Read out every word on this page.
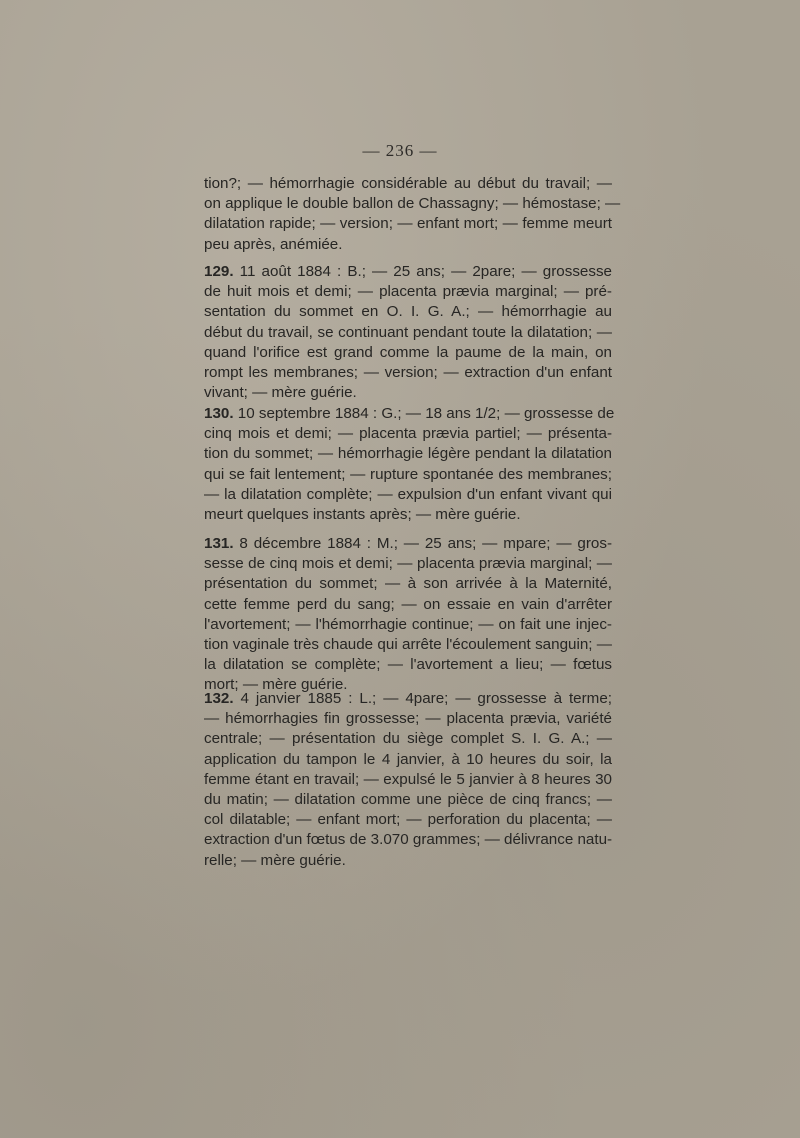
— 236 —
tion?; — hémorrhagie considérable au début du travail; —
on applique le double ballon de Chassagny; — hémostase; —
dilatation rapide; — version; — enfant mort; — femme meurt
peu après, anémiée.
129. 11 août 1884 : B.; — 25 ans; — 2pare; — grossesse
de huit mois et demi; — placenta prævia marginal; — pré-
sentation du sommet en O. I. G. A.; — hémorrhagie au
début du travail, se continuant pendant toute la dilatation; —
quand l'orifice est grand comme la paume de la main, on
rompt les membranes; — version; — extraction d'un enfant
vivant; — mère guérie.
130. 10 septembre 1884 : G.; — 18 ans 1/2; — grossesse de
cinq mois et demi; — placenta prævia partiel; — présenta-
tion du sommet; — hémorrhagie légère pendant la dilatation
qui se fait lentement; — rupture spontanée des membranes;
— la dilatation complète; — expulsion d'un enfant vivant qui
meurt quelques instants après; — mère guérie.
131. 8 décembre 1884 : M.; — 25 ans; — mpare; — gros-
sesse de cinq mois et demi; — placenta prævia marginal; —
présentation du sommet; — à son arrivée à la Maternité,
cette femme perd du sang; — on essaie en vain d'arrêter
l'avortement; — l'hémorrhagie continue; — on fait une injec-
tion vaginale très chaude qui arrête l'écoulement sanguin; —
la dilatation se complète; — l'avortement a lieu; — fœtus
mort; — mère guérie.
132. 4 janvier 1885 : L.; — 4pare; — grossesse à terme;
— hémorrhagies fin grossesse; — placenta prævia, variété
centrale; — présentation du siège complet S. I. G. A.; —
application du tampon le 4 janvier, à 10 heures du soir, la
femme étant en travail; — expulsé le 5 janvier à 8 heures 30
du matin; — dilatation comme une pièce de cinq francs; —
col dilatable; — enfant mort; — perforation du placenta; —
extraction d'un fœtus de 3.070 grammes; — délivrance natu-
relle; — mère guérie.
